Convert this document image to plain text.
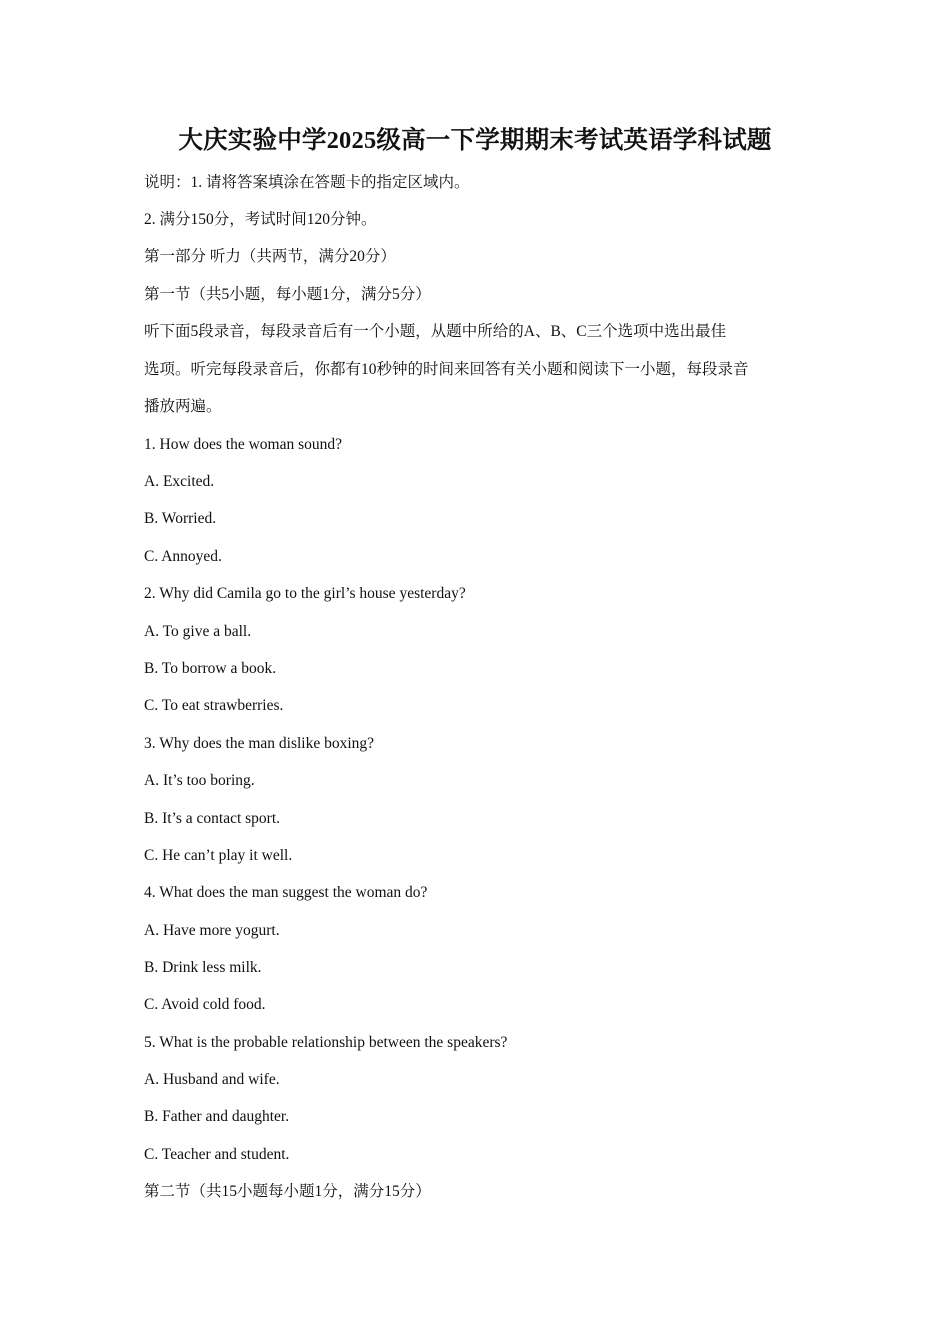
大庆实验中学2025级高一下学期期末考试英语学科试题
说明：1. 请将答案填涂在答题卡的指定区域内。
2. 满分150分，考试时间120分钟。
第一部分 听力（共两节，满分20分）
第一节（共5小题，每小题1分，满分5分）
听下面5段录音，每段录音后有一个小题，从题中所给的A、B、C三个选项中选出最佳
选项。听完每段录音后，你都有10秒钟的时间来回答有关小题和阅读下一小题，每段录音
播放两遍。
1. How does the woman sound?
A. Excited.
B. Worried.
C. Annoyed.
2. Why did Camila go to the girl’s house yesterday?
A. To give a ball.
B. To borrow a book.
C. To eat strawberries.
3. Why does the man dislike boxing?
A. It’s too boring.
B. It’s a contact sport.
C. He can’t play it well.
4. What does the man suggest the woman do?
A. Have more yogurt.
B. Drink less milk.
C. Avoid cold food.
5. What is the probable relationship between the speakers?
A. Husband and wife.
B. Father and daughter.
C. Teacher and student.
第二节（共15小题每小题1分，满分15分）
